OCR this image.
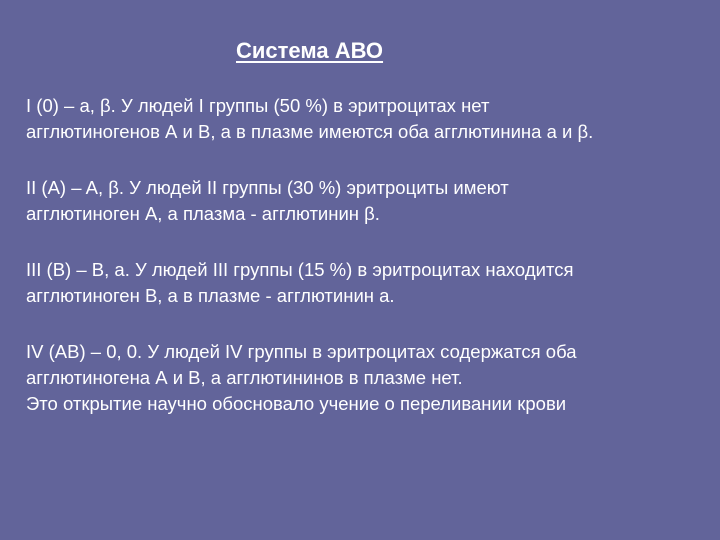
Система АВО
I (0) – a, β. У людей I группы (50 %) в эритроцитах нет
агглютиногенов А и В, а в плазме имеются оба агглютинина a и β.
II (A) – A, β. У людей II группы (30 %) эритроциты имеют
агглютиноген А, а плазма - агглютинин β.
III (B) – B, a. У людей III группы (15 %) в эритроцитах находится
агглютиноген В, а в плазме - агглютинин a.
IV (AB) – 0, 0. У людей IV группы в эритроцитах содержатся оба
агглютиногена А и В, а агглютининов в плазме нет.
Это открытие научно обосновало учение о переливании крови
